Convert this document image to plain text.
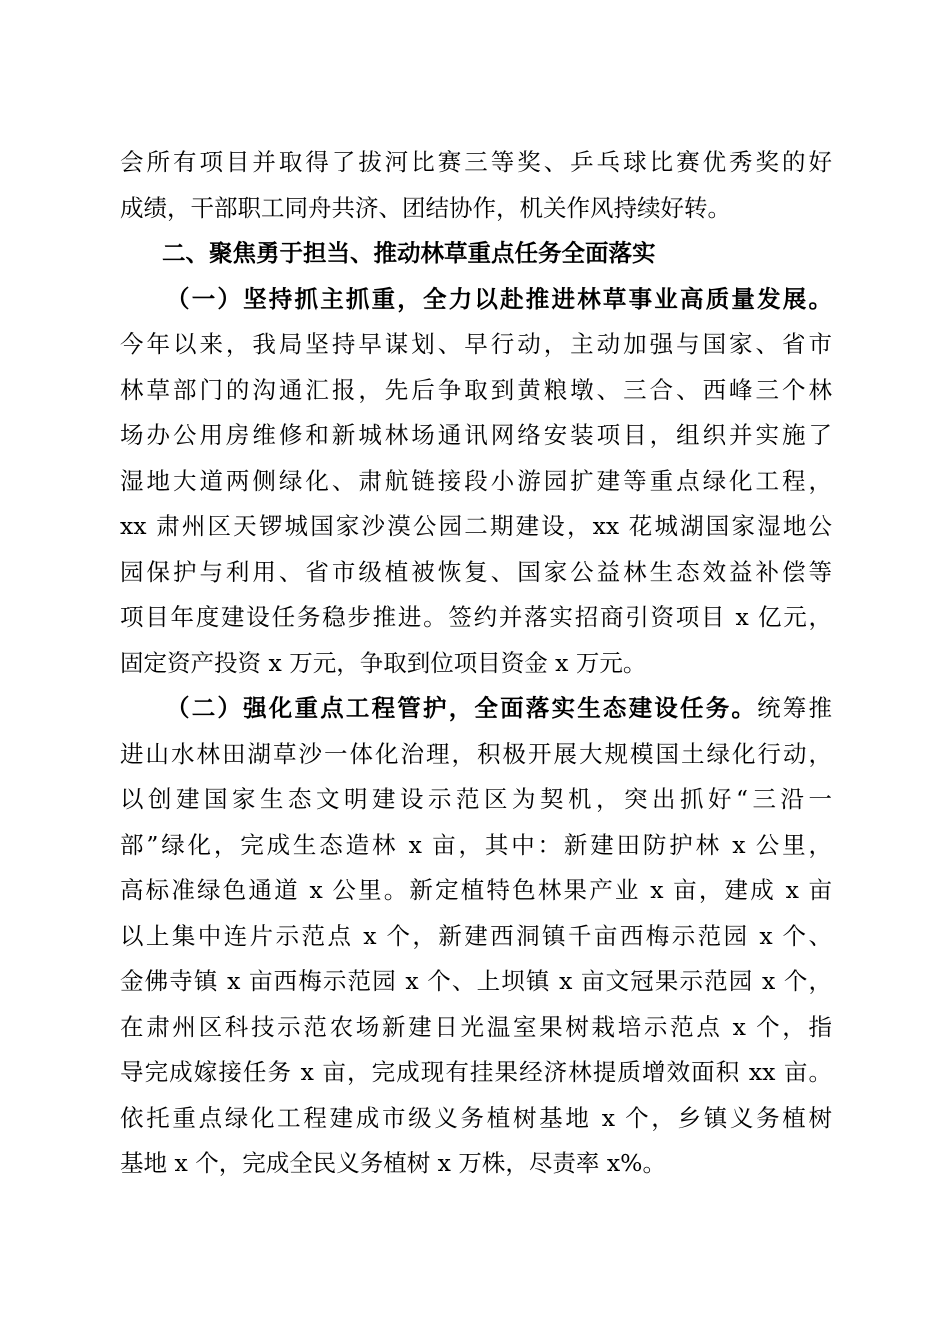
会所有项目并取得了拔河比赛三等奖、乒乓球比赛优秀奖的好

成绩，干部职工同舟共济、团结协作，机关作风持续好转。

二、聚焦勇于担当、推动林草重点任务全面落实

（一）坚持抓主抓重，全力以赴推进林草事业高质量发展。

今年以来，我局坚持早谋划、早行动，主动加强与国家、省市

林草部门的沟通汇报，先后争取到黄粮墩、三合、西峰三个林

场办公用房维修和新城林场通讯网络安装项目，组织并实施了

湿地大道两侧绿化、肃航链接段小游园扩建等重点绿化工程，

xx 肃州区天锣城国家沙漠公园二期建设，xx 花城湖国家湿地公

园保护与利用、省市级植被恢复、国家公益林生态效益补偿等

项目年度建设任务稳步推进。签约并落实招商引资项目 x 亿元，

固定资产投资 x 万元，争取到位项目资金 x 万元。

（二）强化重点工程管护，全面落实生态建设任务。统筹推

进山水林田湖草沙一体化治理，积极开展大规模国土绿化行动，

以创建国家生态文明建设示范区为契机，突出抓好“三沿一

部”绿化，完成生态造林 x 亩，其中：新建田防护林 x 公里，

高标准绿色通道 x 公里。新定植特色林果产业 x 亩，建成 x 亩

以上集中连片示范点 x 个，新建西洞镇千亩西梅示范园 x 个、

金佛寺镇 x 亩西梅示范园 x 个、上坝镇 x 亩文冠果示范园 x 个，

在肃州区科技示范农场新建日光温室果树栽培示范点 x 个，指

导完成嫁接任务 x 亩，完成现有挂果经济林提质增效面积 xx 亩。

依托重点绿化工程建成市级义务植树基地 x 个，乡镇义务植树

基地 x 个，完成全民义务植树 x 万株，尽责率 x%。
